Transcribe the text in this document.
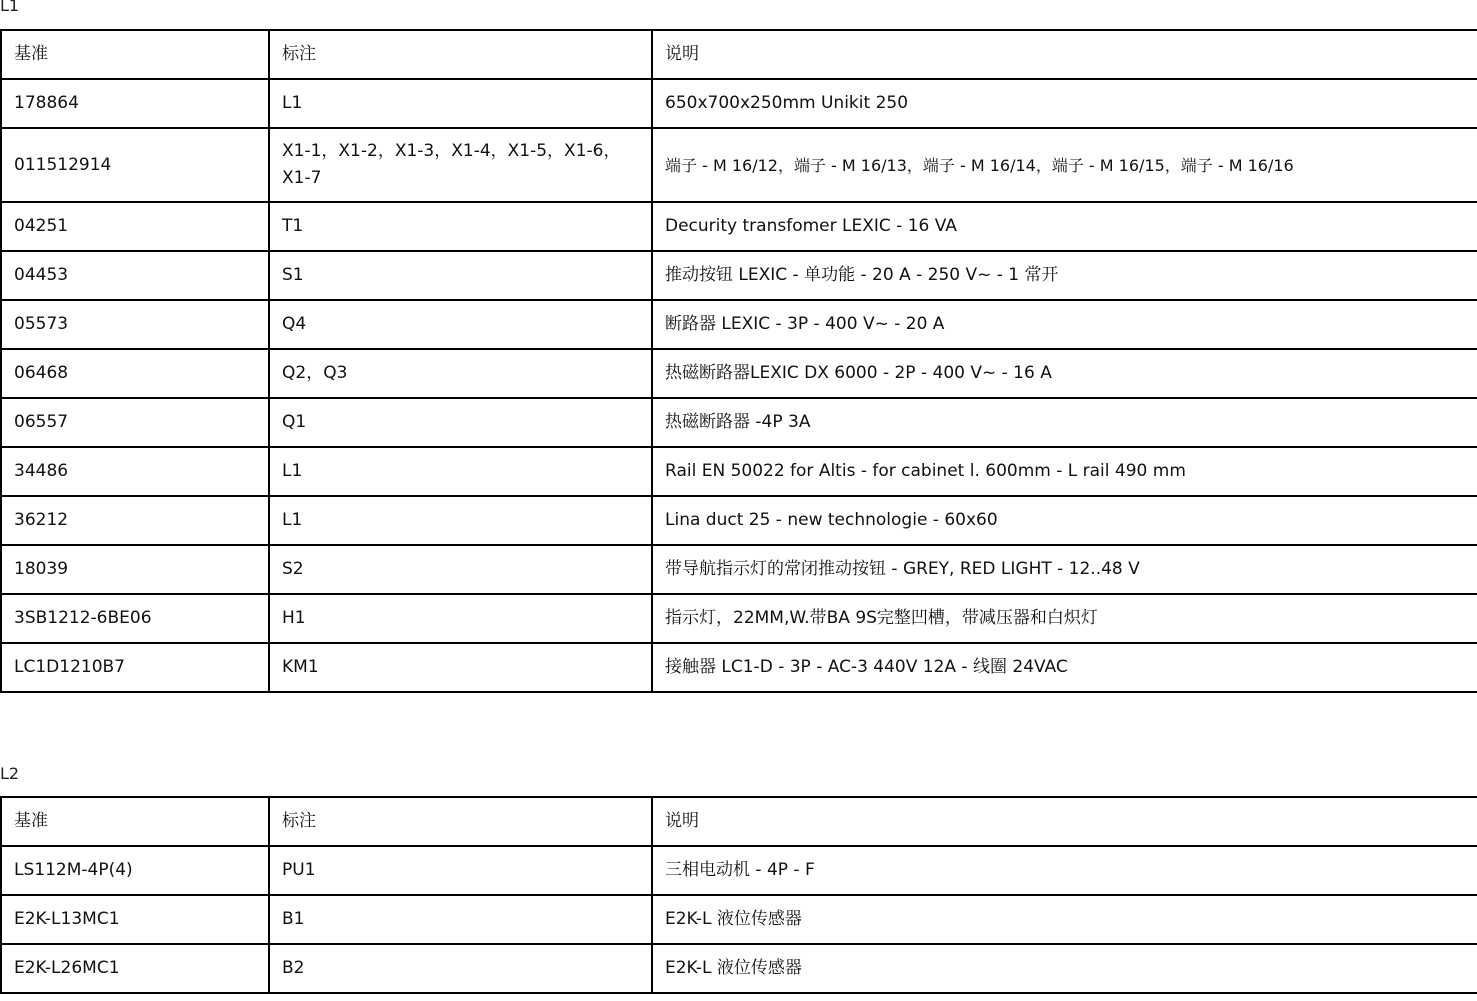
L1
基准	标注	说明
178864	L1	650x700x250mm Unikit 250
011512914	X1-1，X1-2，X1-3，X1-4，X1-5，X1-6，X1-7	端子 - M 16/12，端子 - M 16/13，端子 - M 16/14，端子 - M 16/15，端子 - M 16/16
04251	T1	Decurity transfomer LEXIC - 16 VA
04453	S1	推动按钮 LEXIC - 单功能 - 20 A - 250 V~ - 1 常开
05573	Q4	断路器 LEXIC - 3P - 400 V~ - 20 A
06468	Q2，Q3	热磁断路器LEXIC DX 6000 - 2P - 400 V~ - 16 A
06557	Q1	热磁断路器 -4P 3A
34486	L1	Rail EN 50022 for Altis - for cabinet l. 600mm - L rail 490 mm
36212	L1	Lina duct 25 - new technologie - 60x60
18039	S2	带导航指示灯的常闭推动按钮 - GREY, RED LIGHT - 12..48 V
3SB1212-6BE06	H1	指示灯，22MM,W.带BA 9S完整凹槽，带减压器和白炽灯
LC1D1210B7	KM1	接触器 LC1-D - 3P - AC-3 440V 12A - 线圈 24VAC
L2
基准	标注	说明
LS112M-4P(4)	PU1	三相电动机 - 4P - F
E2K-L13MC1	B1	E2K-L 液位传感器
E2K-L26MC1	B2	E2K-L 液位传感器
